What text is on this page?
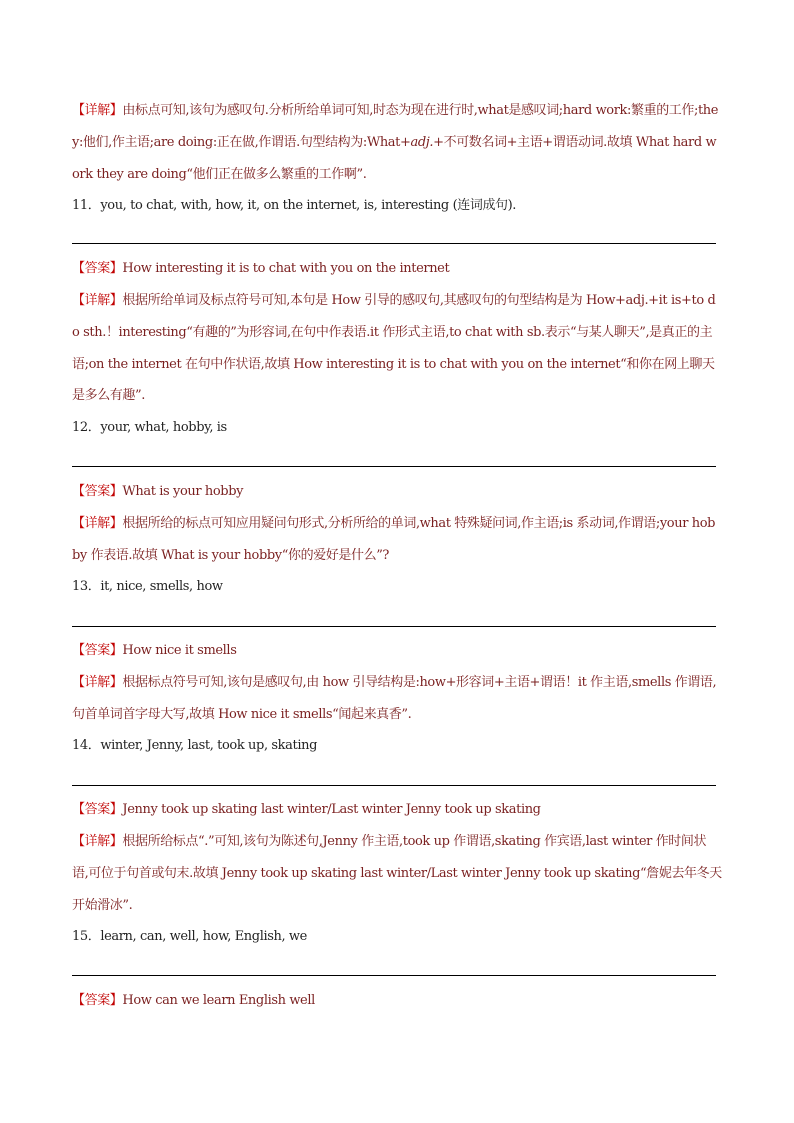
【详解】由标点可知,该句为感叹句.分析所给单词可知,时态为现在进行时,what是感叹词;hard work:繁重的工作;they:他们,作主语;are doing:正在做,作谓语.句型结构为:What+adj.+不可数名词+主语+谓语动词.故填 What hard work they are doing“他们正在做多么繁重的工作啊”.
11．you, to chat, with, how, it, on the internet, is, interesting (连词成句).
【答案】How interesting it is to chat with you on the internet
【详解】根据所给单词及标点符号可知,本句是 How 引导的感叹句,其感叹句的句型结构是为 How+adj.+it is+to do sth.！interesting“有趣的”为形容词,在句中作表语.it 作形式主语,to chat with sb.表示“与某人聊天”,是真正的主语;on the internet 在句中作状语,故填 How interesting it is to chat with you on the internet“和你在网上聊天是多么有趣”.
12．your, what, hobby, is
【答案】What is your hobby
【详解】根据所给的标点可知应用疑问句形式,分析所给的单词,what 特殊疑问词,作主语;is 系动词,作谓语;your hobby 作表语.故填 What is your hobby“你的爱好是什么”?
13．it, nice, smells, how
【答案】How nice it smells
【详解】根据标点符号可知,该句是感叹句,由 how 引导结构是:how+形容词+主语+谓语！it 作主语,smells 作谓语,句首单词首字母大写,故填 How nice it smells“闻起来真香”.
14．winter, Jenny, last, took up, skating
【答案】Jenny took up skating last winter/Last winter Jenny took up skating
【详解】根据所给标点“.”可知,该句为陈述句,Jenny 作主语,took up 作谓语,skating 作宾语,last winter 作时间状语,可位于句首或句末.故填 Jenny took up skating last winter/Last winter Jenny took up skating“詹妮去年冬天开始滑冰”.
15．learn, can, well, how, English, we
【答案】How can we learn English well
